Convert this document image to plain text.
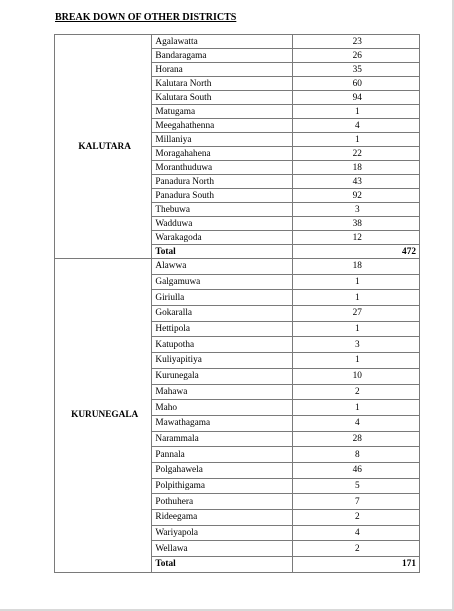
BREAK DOWN OF OTHER DISTRICTS
KALUTARA	Agalawatta	23
	Bandaragama	26
	Horana	35
	Kalutara North	60
	Kalutara South	94
	Matugama	1
	Meegahathenna	4
	Millaniya	1
	Moragahahena	22
	Moranthuduwa	18
	Panadura North	43
	Panadura South	92
	Thebuwa	3
	Wadduwa	38
	Warakagoda	12
	Total	472
KURUNEGALA	Alawwa	18
	Galgamuwa	1
	Giriulla	1
	Gokaralla	27
	Hettipola	1
	Katupotha	3
	Kuliyapitiya	1
	Kurunegala	10
	Mahawa	2
	Maho	1
	Mawathagama	4
	Narammala	28
	Pannala	8
	Polgahawela	46
	Polpithigama	5
	Pothuhera	7
	Rideegama	2
	Wariyapola	4
	Wellawa	2
	Total	171
